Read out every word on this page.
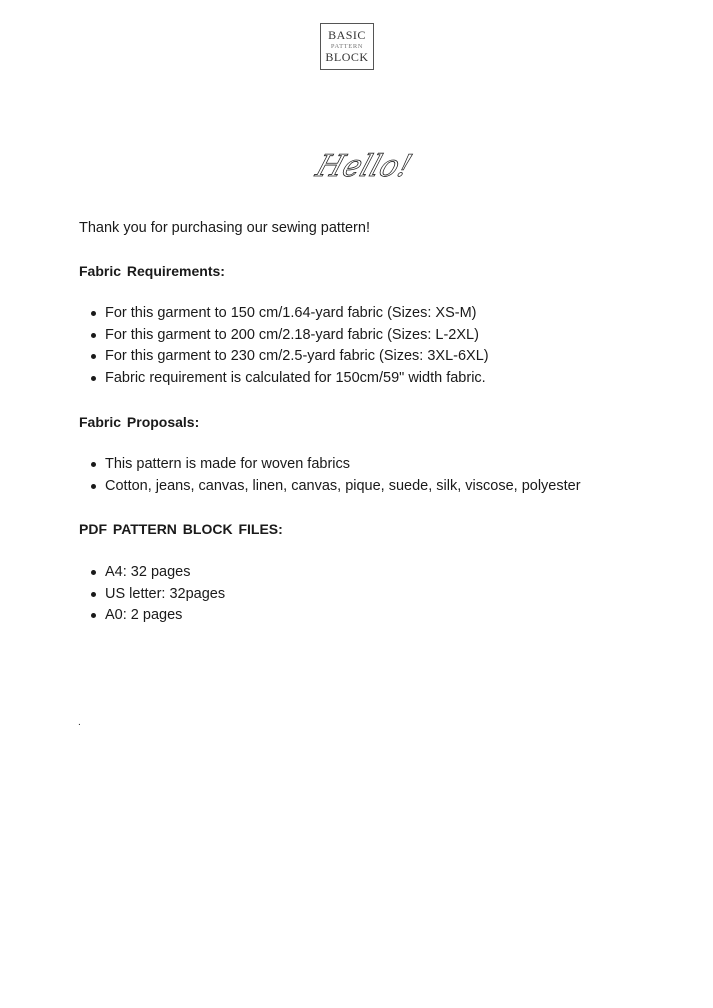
BASIC
PATTERN
BLOCK
Hello!
Thank you for purchasing our sewing pattern!
Fabric Requirements:
For this garment to 150 cm/1.64-yard fabric (Sizes: XS-M)
For this garment to 200 cm/2.18-yard fabric (Sizes: L-2XL)
For this garment to 230 cm/2.5-yard fabric (Sizes: 3XL-6XL)
Fabric requirement is calculated for 150cm/59" width fabric.
Fabric Proposals:
This pattern is made for woven fabrics
Cotton, jeans, canvas, linen, canvas, pique, suede, silk, viscose, polyester
PDF PATTERN BLOCK FILES:
A4: 32 pages
US letter: 32pages
A0: 2 pages
.
